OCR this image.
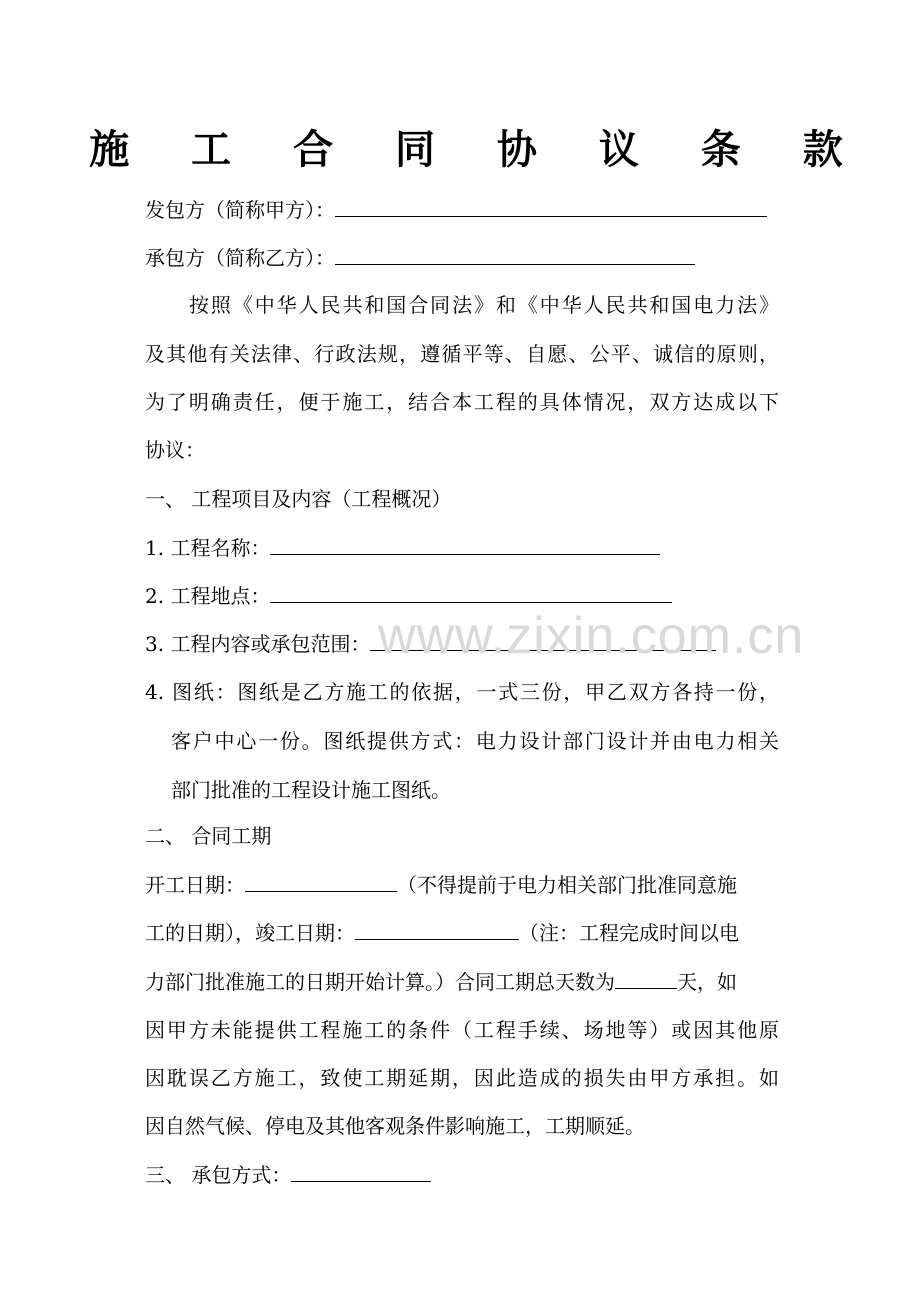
施 工 合 同 协 议 条 款
发包方（简称甲方）：
承包方（简称乙方）：
按照《中华人民共和国合同法》和《中华人民共和国电力法》
及其他有关法律、行政法规，遵循平等、自愿、公平、诚信的原则，
为了明确责任，便于施工，结合本工程的具体情况，双方达成以下
协议：
一、 工程项目及内容（工程概况）
1. 工程名称：
2. 工程地点：
3. 工程内容或承包范围：
4. 图纸：图纸是乙方施工的依据，一式三份，甲乙双方各持一份，
客户中心一份。图纸提供方式：电力设计部门设计并由电力相关
部门批准的工程设计施工图纸。
二、 合同工期
开工日期：	（不得提前于电力相关部门批准同意施
工的日期），竣工日期：	（注：工程完成时间以电
力部门批准施工的日期开始计算。）合同工期总天数为	天，如
因甲方未能提供工程施工的条件（工程手续、场地等）或因其他原
因耽误乙方施工，致使工期延期，因此造成的损失由甲方承担。如
因自然气候、停电及其他客观条件影响施工，工期顺延。
三、 承包方式：
www.zixin.com.cn
